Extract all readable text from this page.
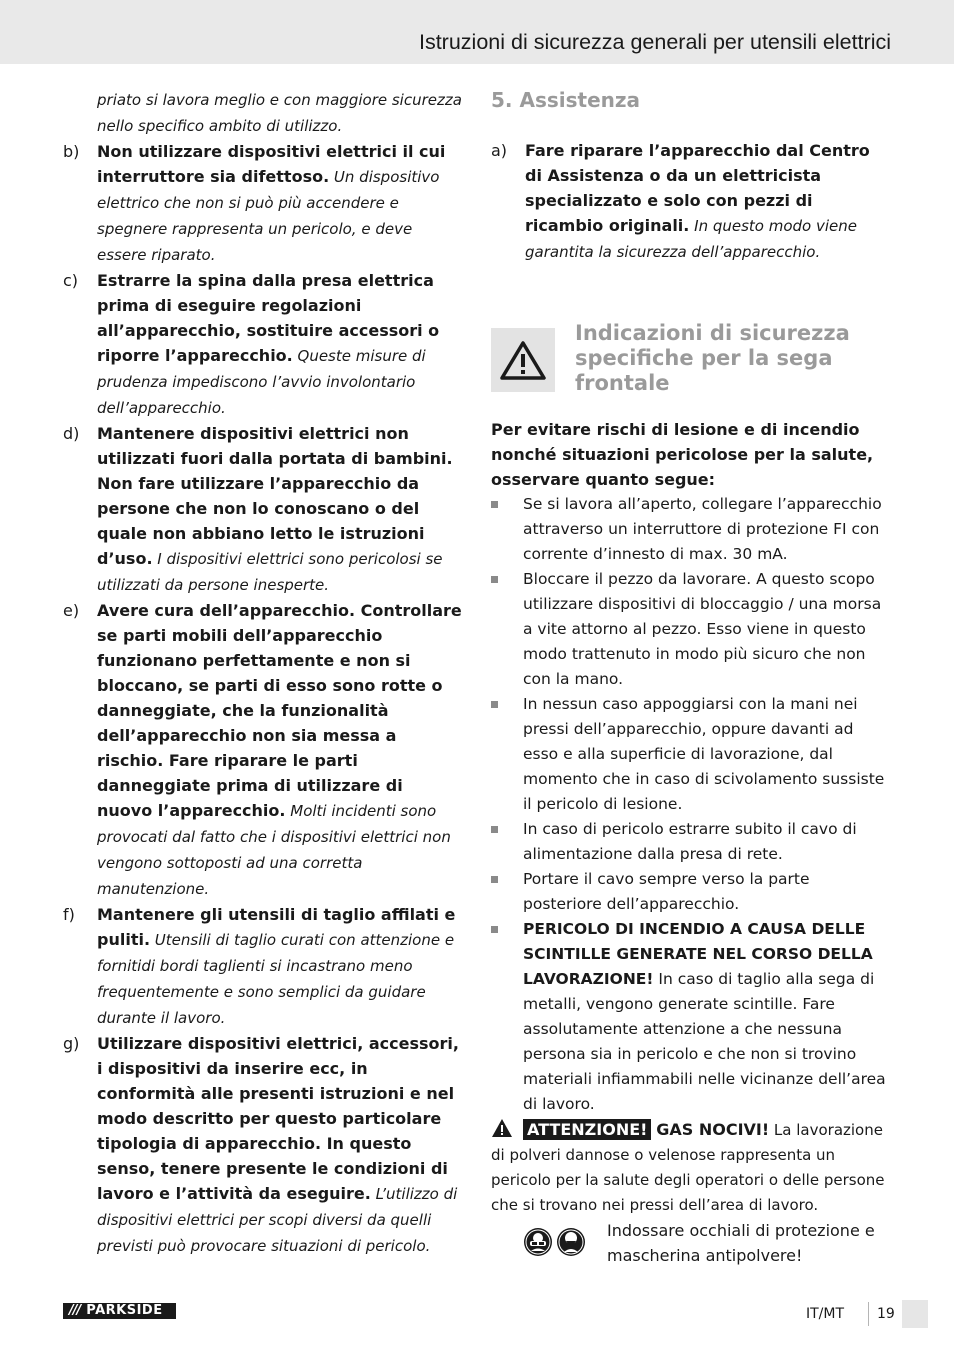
Istruzioni di sicurezza generali per utensili elettrici
priato si lavora meglio e con maggiore sicurezza nello specifico ambito di utilizzo.
b) Non utilizzare dispositivi elettrici il cui interruttore sia difettoso. Un dispositivo elettrico che non si può più accendere e spegnere rappresenta un pericolo, e deve essere riparato.
c) Estrarre la spina dalla presa elettrica prima di eseguire regolazioni all’apparecchio, sostituire accessori o riporre l’apparecchio. Queste misure di prudenza impediscono l’avvio involontario dell’apparecchio.
d) Mantenere dispositivi elettrici non utilizzati fuori dalla portata di bambini. Non fare utilizzare l’apparecchio da persone che non lo conoscano o del quale non abbiano letto le istruzioni d’uso. I dispositivi elettrici sono pericolosi se utilizzati da persone inesperte.
e) Avere cura dell’apparecchio. Controllare se parti mobili dell’apparecchio funzionano perfettamente e non si bloccano, se parti di esso sono rotte o danneggiate, che la funzionalità dell’apparecchio non sia messa a rischio. Fare riparare le parti danneggiate prima di utilizzare di nuovo l’apparecchio. Molti incidenti sono provocati dal fatto che i dispositivi elettrici non vengono sottoposti ad una corretta manutenzione.
f) Mantenere gli utensili di taglio affilati e puliti. Utensili di taglio curati con attenzione e fornitidi bordi taglienti si incastrano meno frequentemente e sono semplici da guidare durante il lavoro.
g) Utilizzare dispositivi elettrici, accessori, i dispositivi da inserire ecc, in conformità alle presenti istruzioni e nel modo descritto per questo particolare tipologia di apparecchio. In questo senso, tenere presente le condizioni di lavoro e l’attività da eseguire. L’utilizzo di dispositivi elettrici per scopi diversi da quelli previsti può provocare situazioni di pericolo.
5. Assistenza
a) Fare riparare l’apparecchio dal Centro di Assistenza o da un elettricista specializzato e solo con pezzi di ricambio originali. In questo modo viene garantita la sicurezza dell’apparecchio.
Indicazioni di sicurezza specifiche per la sega frontale
Per evitare rischi di lesione e di incendio nonché situazioni pericolose per la salute, osservare quanto segue:
Se si lavora all’aperto, collegare l’apparecchio attraverso un interruttore di protezione FI con corrente d’innesto di max. 30 mA.
Bloccare il pezzo da lavorare. A questo scopo utilizzare dispositivi di bloccaggio / una morsa a vite attorno al pezzo. Esso viene in questo modo trattenuto in modo più sicuro che non con la mano.
In nessun caso appoggiarsi con la mani nei pressi dell’apparecchio, oppure davanti ad esso e alla superficie di lavorazione, dal momento che in caso di scivolamento sussiste il pericolo di lesione.
In caso di pericolo estrarre subito il cavo di alimentazione dalla presa di rete.
Portare il cavo sempre verso la parte posteriore dell’apparecchio.
PERICOLO DI INCENDIO A CAUSA DELLE SCINTILLE GENERATE NEL CORSO DELLA LAVORAZIONE! In caso di taglio alla sega di metalli, vengono generate scintille. Fare assolutamente attenzione a che nessuna persona sia in pericolo e che non si trovino materiali infiammabili nelle vicinanze dell’area di lavoro.
ATTENZIONE! GAS NOCIVI! La lavorazione di polveri dannose o velenose rappresenta un pericolo per la salute degli operatori o delle persone che si trovano nei pressi dell’area di lavoro.
Indossare occhiali di protezione e mascherina antipolvere!
/// PARKSIDE	IT/MT 19
